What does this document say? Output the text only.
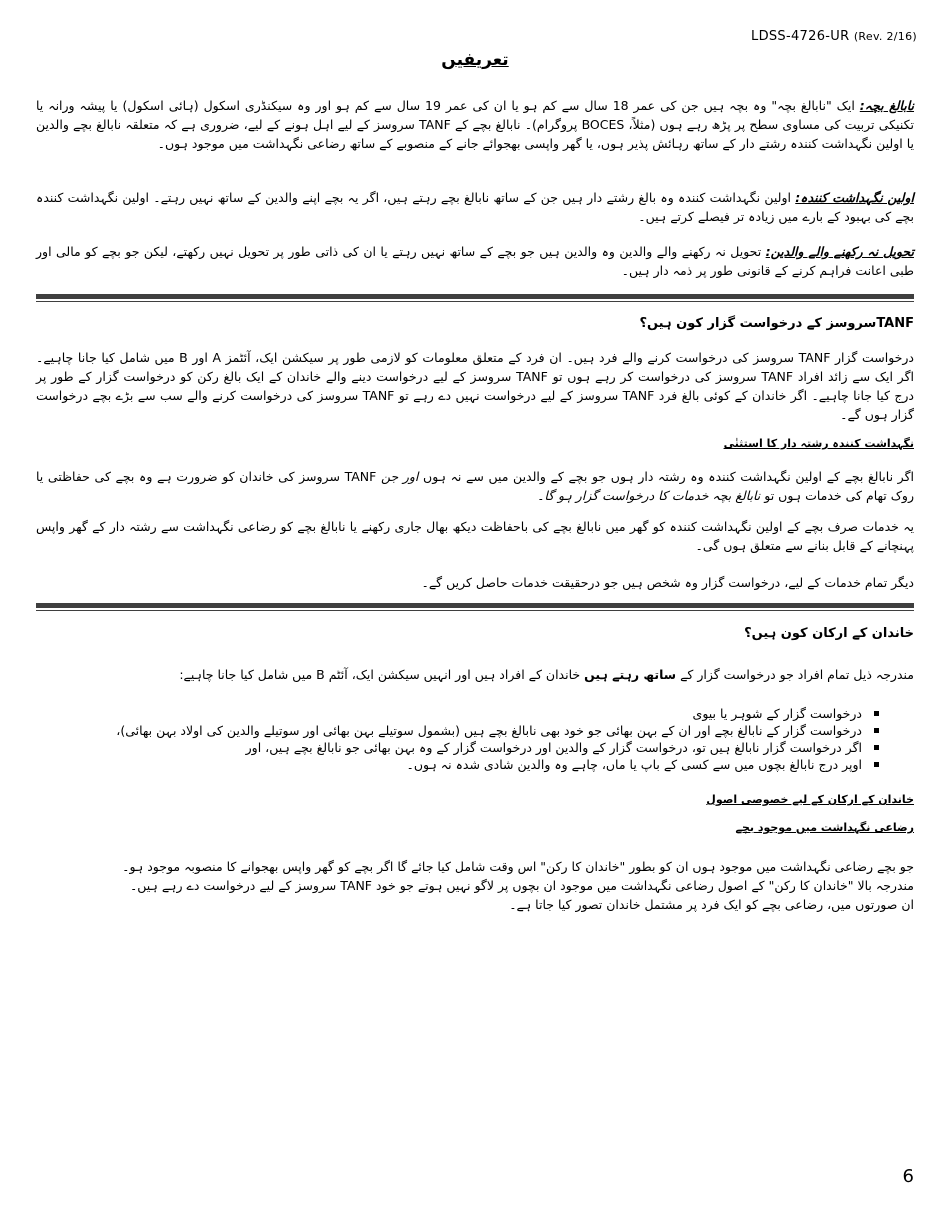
LDSS-4726-UR (Rev. 2/16)
تعریفیں

نابالغ بچہ: ایک "نابالغ بچہ" وہ بچہ ہیں جن کی عمر 18 سال سے کم ہو یا ان کی عمر 19 سال سے کم ہو اور وہ سیکنڈری اسکول (ہائی اسکول) یا پیشہ ورانہ یا تکنیکی تربیت کی مساوی سطح پر پڑھ رہے ہوں (مثلاً، BOCES پروگرام)۔ نابالغ بچے کے TANF سروسز کے لیے اہل ہونے کے لیے، ضروری ہے کہ متعلقہ نابالغ بچے والدین یا اولین نگہداشت کنندہ رشتے دار کے ساتھ رہائش پذیر ہوں، یا گھر واپسی بھجوائے جانے کے منصوبے کے ساتھ رضاعی نگہداشت میں موجود ہوں۔

اولین نگہداشت کنندہ: اولین نگہداشت کنندہ وہ بالغ رشتے دار ہیں جن کے ساتھ نابالغ بچے رہتے ہیں، اگر یہ بچے اپنے والدین کے ساتھ نہیں رہتے۔ اولین نگہداشت کنندہ بچے کی بہبود کے بارے میں زیادہ تر فیصلے کرتے ہیں۔

تحویل نہ رکھنے والے والدین: تحویل نہ رکھنے والے والدین وہ والدین ہیں جو بچے کے ساتھ نہیں رہتے یا ان کی ذاتی طور پر تحویل نہیں رکھتے، لیکن جو بچے کو مالی اور طبی اعانت فراہم کرنے کے قانونی طور پر ذمہ دار ہیں۔

TANFسروسز کے درخواست گزار کون ہیں؟
درخواست گزار TANF سروسز کی درخواست کرنے والے فرد ہیں۔ ان فرد کے متعلق معلومات کو لازمی طور پر سیکشن ایک، آئٹمز A اور B میں شامل کیا جانا چاہیے۔ اگر ایک سے زائد افراد TANF سروسز کی درخواست کر رہے ہوں تو TANF سروسز کے لیے درخواست دینے والے خاندان کے ایک بالغ رکن کو درخواست گزار کے طور پر درج کیا جانا چاہیے۔ اگر خاندان کے کوئی بالغ فرد TANF سروسز کے لیے درخواست نہیں دے رہے تو TANF سروسز کی درخواست کرنے والے سب سے بڑے بچے درخواست گزار ہوں گے۔
نگہداشت کنندہ رشتہ دار کا استثنٰی

اگر نابالغ بچے کے اولین نگہداشت کنندہ وہ رشتہ دار ہوں جو بچے کے والدین میں سے نہ ہوں اور جن TANF سروسز کی خاندان کو ضرورت ہے وہ بچے کی حفاظتی یا روک تھام کی خدمات ہوں تو نابالغ بچہ خدمات کا درخواست گزار ہو گا۔

یہ خدمات صرف بچے کے اولین نگہداشت کنندہ کو گھر میں نابالغ بچے کی باحفاظت دیکھ بھال جاری رکھنے یا نابالغ بچے کو رضاعی نگہداشت سے رشتہ دار کے گھر واپس پہنچانے کے قابل بنانے سے متعلق ہوں گی۔
دیگر تمام خدمات کے لیے، درخواست گزار وہ شخص ہیں جو درحقیقت خدمات حاصل کریں گے۔
خاندان کے ارکان کون ہیں؟

مندرجہ ذیل تمام افراد جو درخواست گزار کے ساتھ رہتے ہیں خاندان کے افراد ہیں اور انہیں سیکشن ایک، آئٹم B میں شامل کیا جانا چاہیے:

درخواست گزار کے شوہر یا بیوی
درخواست گزار کے نابالغ بچے اور ان کے بہن بھائی جو خود بھی نابالغ بچے ہیں (بشمول سوتیلے بہن بھائی اور سوتیلے والدین کی اولاد بہن بھائی)،
اگر درخواست گزار نابالغ ہیں تو، درخواست گزار کے والدین اور درخواست گزار کے وہ بہن بھائی جو نابالغ بچے ہیں، اور
اوپر درج نابالغ بچوں میں سے کسی کے باپ یا ماں، چاہے وہ والدین شادی شدہ نہ ہوں۔
خاندان کے ارکان کے لیے خصوصی اصول
رضاعی نگہداشت میں موجود بچے

جو بچے رضاعی نگہداشت میں موجود ہوں ان کو بطور "خاندان کا رکن" اس وقت شامل کیا جائے گا اگر بچے کو گھر واپس بھجوانے کا منصوبہ موجود ہو۔

مندرجہ بالا "خاندان کا رکن" کے اصول رضاعی نگہداشت میں موجود ان بچوں پر لاگو نہیں ہوتے جو خود TANF سروسز کے لیے درخواست دے رہے ہیں۔

ان صورتوں میں، رضاعی بچے کو ایک فرد پر مشتمل خاندان تصور کیا جاتا ہے۔

6
